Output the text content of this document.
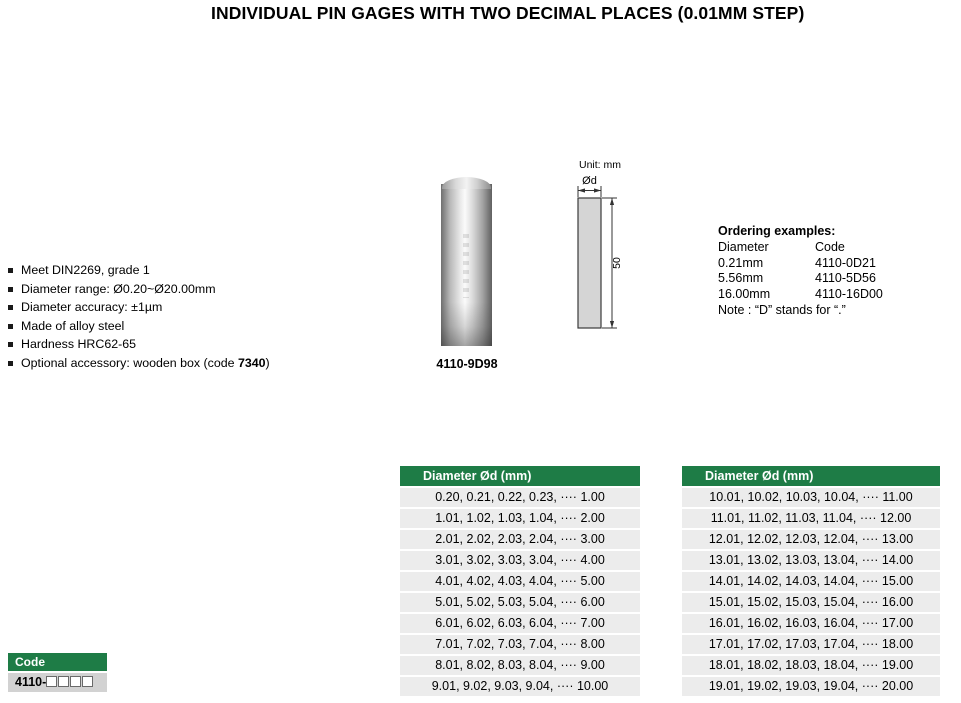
INDIVIDUAL PIN GAGES WITH TWO DECIMAL PLACES (0.01MM STEP)
Meet DIN2269, grade 1
Diameter range: Ø0.20~Ø20.00mm
Diameter accuracy: ±1µm
Made of alloy steel
Hardness HRC62-65
Optional accessory: wooden box (code 7340)	4110-9D98
Unit: mm
Ød
50
Ordering examples:
Diameter	Code
0.21mm	4110-0D21
5.56mm	4110-5D56
16.00mm	4110-16D00
Note : “D” stands for “.”
Code
4110-
Diameter Ød (mm)
0.20, 0.21, 0.22, 0.23, ···· 1.00
1.01, 1.02, 1.03, 1.04, ···· 2.00
2.01, 2.02, 2.03, 2.04, ···· 3.00
3.01, 3.02, 3.03, 3.04, ···· 4.00
4.01, 4.02, 4.03, 4.04, ···· 5.00
5.01, 5.02, 5.03, 5.04, ···· 6.00
6.01, 6.02, 6.03, 6.04, ···· 7.00
7.01, 7.02, 7.03, 7.04, ···· 8.00
8.01, 8.02, 8.03, 8.04, ···· 9.00
9.01, 9.02, 9.03, 9.04, ···· 10.00
Diameter Ød (mm)
10.01, 10.02, 10.03, 10.04, ···· 11.00
11.01, 11.02, 11.03, 11.04, ···· 12.00
12.01, 12.02, 12.03, 12.04, ···· 13.00
13.01, 13.02, 13.03, 13.04, ···· 14.00
14.01, 14.02, 14.03, 14.04, ···· 15.00
15.01, 15.02, 15.03, 15.04, ···· 16.00
16.01, 16.02, 16.03, 16.04, ···· 17.00
17.01, 17.02, 17.03, 17.04, ···· 18.00
18.01, 18.02, 18.03, 18.04, ···· 19.00
19.01, 19.02, 19.03, 19.04, ···· 20.00
